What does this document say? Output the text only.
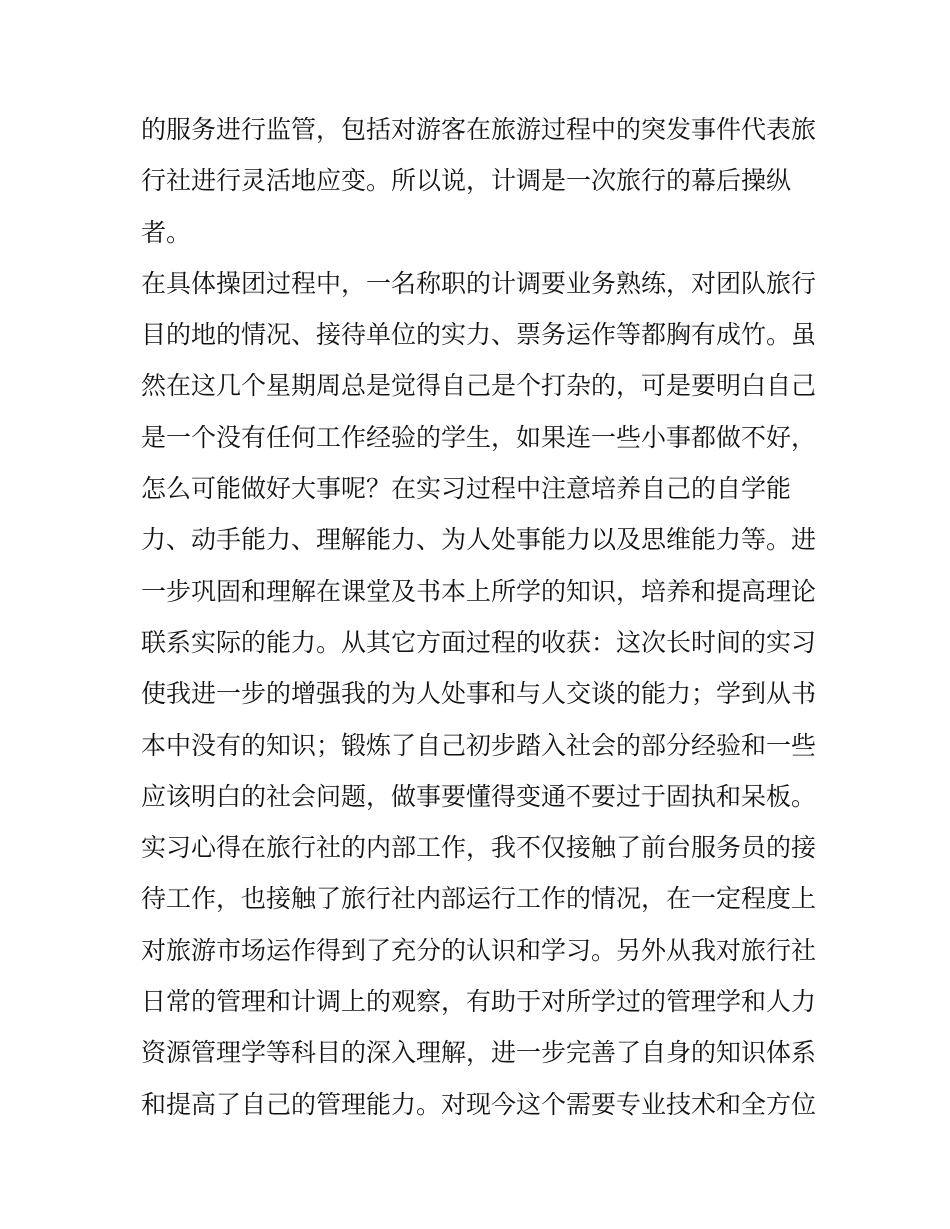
的服务进行监管，包括对游客在旅游过程中的突发事件代表旅
行社进行灵活地应变。所以说，计调是一次旅行的幕后操纵
者。
在具体操团过程中，一名称职的计调要业务熟练，对团队旅行
目的地的情况、接待单位的实力、票务运作等都胸有成竹。虽
然在这几个星期周总是觉得自己是个打杂的，可是要明白自己
是一个没有任何工作经验的学生，如果连一些小事都做不好，
怎么可能做好大事呢？在实习过程中注意培养自己的自学能
力、动手能力、理解能力、为人处事能力以及思维能力等。进
一步巩固和理解在课堂及书本上所学的知识，培养和提高理论
联系实际的能力。从其它方面过程的收获：这次长时间的实习
使我进一步的增强我的为人处事和与人交谈的能力；学到从书
本中没有的知识；锻炼了自己初步踏入社会的部分经验和一些
应该明白的社会问题，做事要懂得变通不要过于固执和呆板。
实习心得在旅行社的内部工作，我不仅接触了前台服务员的接
待工作，也接触了旅行社内部运行工作的情况，在一定程度上
对旅游市场运作得到了充分的认识和学习。另外从我对旅行社
日常的管理和计调上的观察，有助于对所学过的管理学和人力
资源管理学等科目的深入理解，进一步完善了自身的知识体系
和提高了自己的管理能力。对现今这个需要专业技术和全方位
